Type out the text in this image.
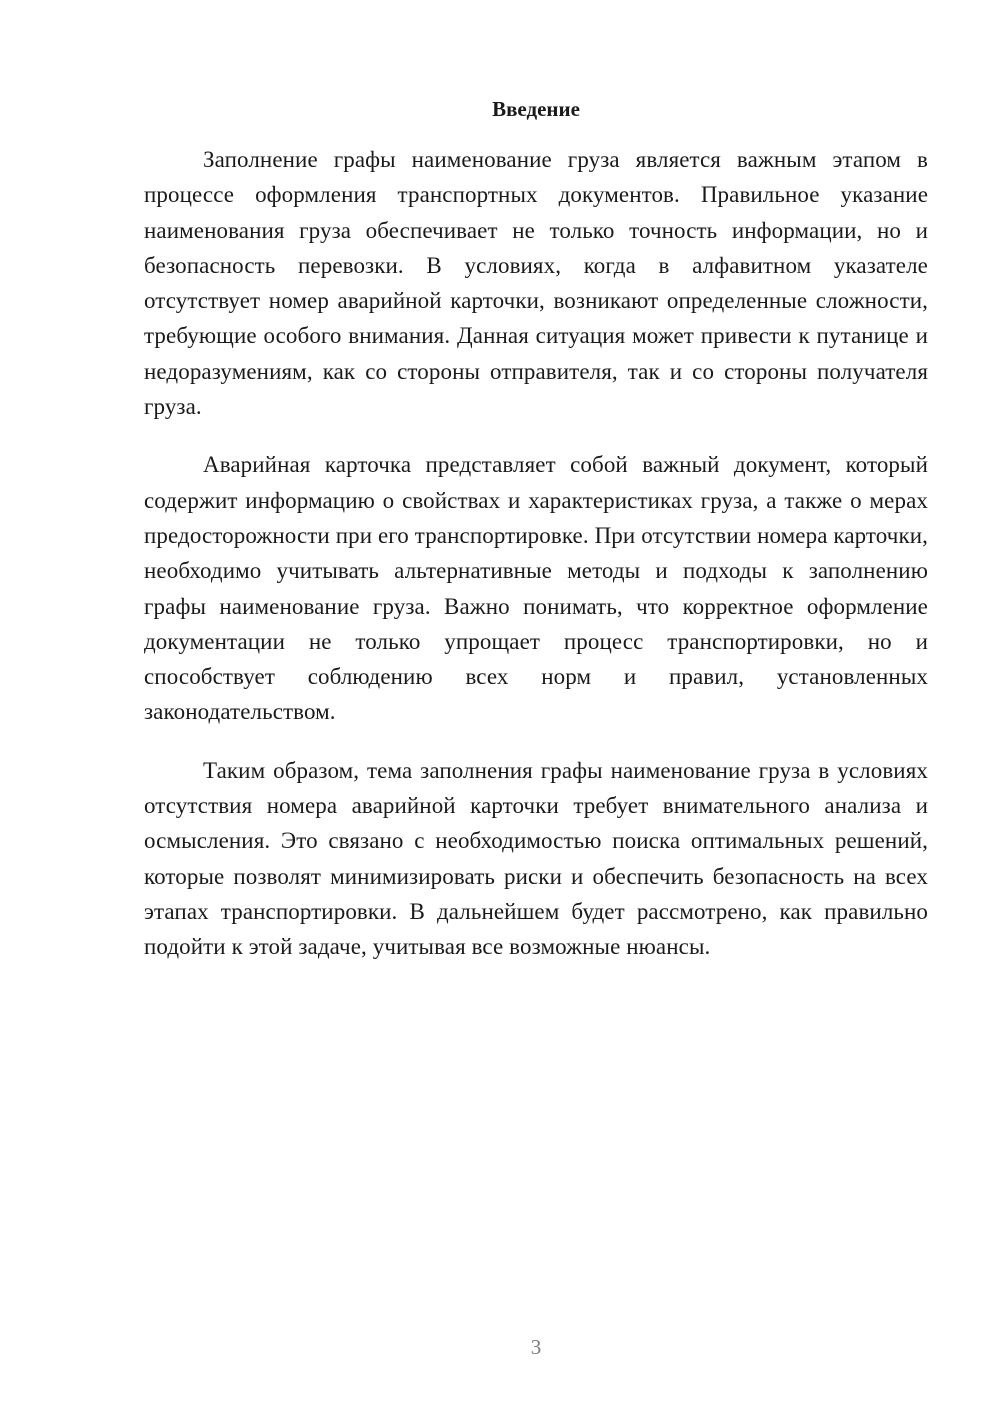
Введение

Заполнение графы наименование груза является важным этапом в процессе оформления транспортных документов. Правильное указание наименования груза обеспечивает не только точность информации, но и безопасность перевозки. В условиях, когда в алфавитном указателе отсутствует номер аварийной карточки, возникают определенные сложности, требующие особого внимания. Данная ситуация может привести к путанице и недоразумениям, как со стороны отправителя, так и со стороны получателя груза.

Аварийная карточка представляет собой важный документ, который содержит информацию о свойствах и характеристиках груза, а также о мерах предосторожности при его транспортировке. При отсутствии номера карточки, необходимо учитывать альтернативные методы и подходы к заполнению графы наименование груза. Важно понимать, что корректное оформление документации не только упрощает процесс транспортировки, но и способствует соблюдению всех норм и правил, установленных законодательством.

Таким образом, тема заполнения графы наименование груза в условиях отсутствия номера аварийной карточки требует внимательного анализа и осмысления. Это связано с необходимостью поиска оптимальных решений, которые позволят минимизировать риски и обеспечить безопасность на всех этапах транспортировки. В дальнейшем будет рассмотрено, как правильно подойти к этой задаче, учитывая все возможные нюансы.

3
